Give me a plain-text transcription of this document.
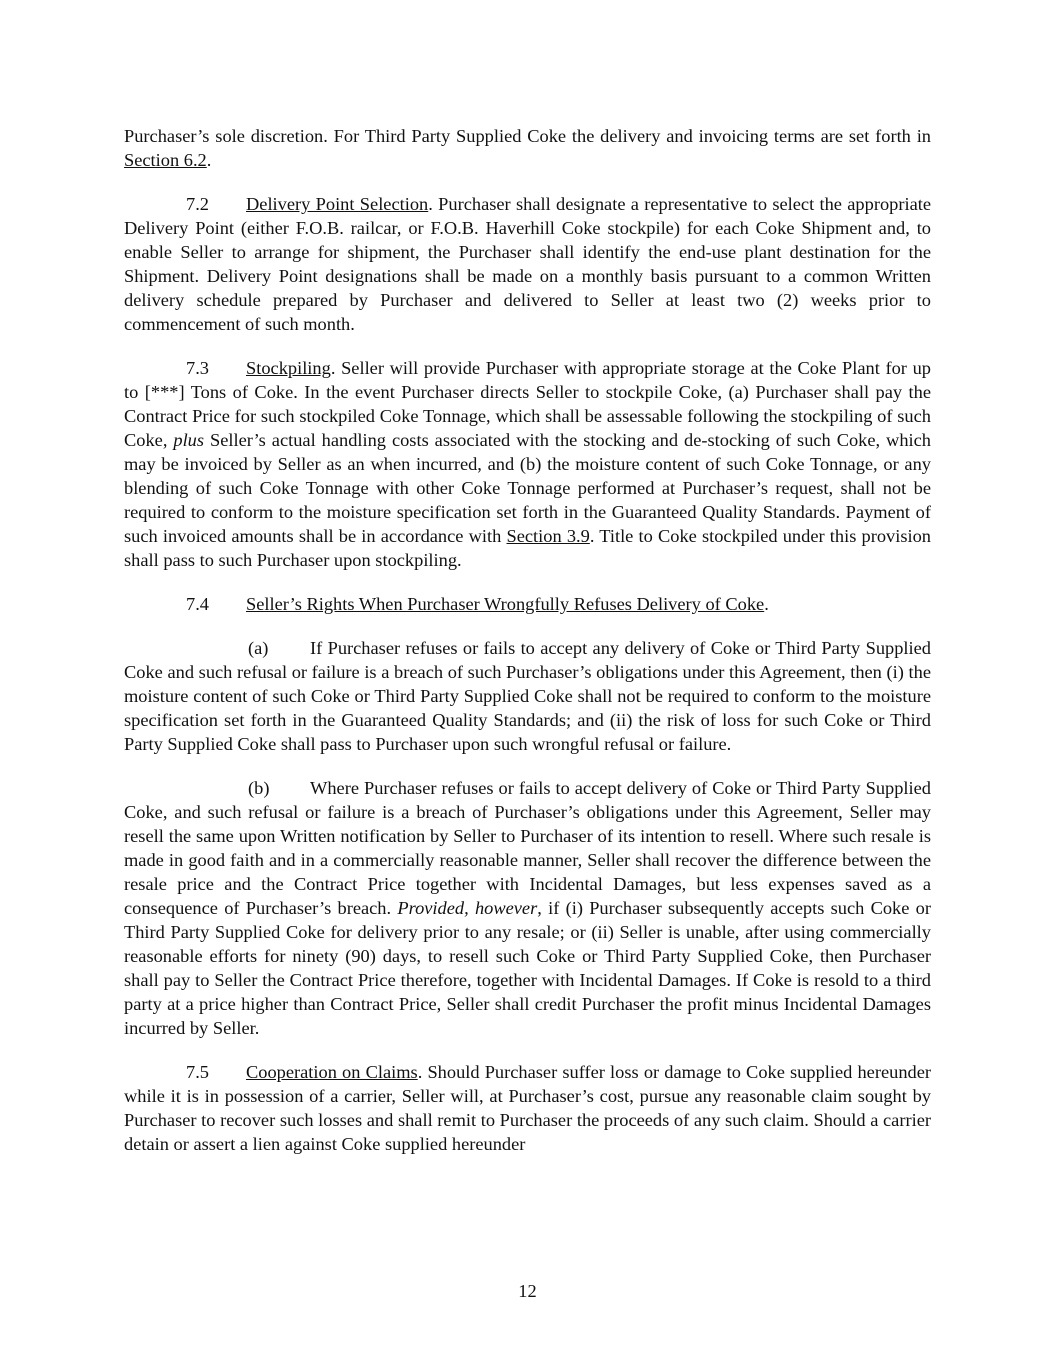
Purchaser’s sole discretion. For Third Party Supplied Coke the delivery and invoicing terms are set forth in Section 6.2.

7.2 Delivery Point Selection. Purchaser shall designate a representative to select the appropriate Delivery Point (either F.O.B. railcar, or F.O.B. Haverhill Coke stockpile) for each Coke Shipment and, to enable Seller to arrange for shipment, the Purchaser shall identify the end-use plant destination for the Shipment. Delivery Point designations shall be made on a monthly basis pursuant to a common Written delivery schedule prepared by Purchaser and delivered to Seller at least two (2) weeks prior to commencement of such month.

7.3 Stockpiling. Seller will provide Purchaser with appropriate storage at the Coke Plant for up to [***] Tons of Coke. In the event Purchaser directs Seller to stockpile Coke, (a) Purchaser shall pay the Contract Price for such stockpiled Coke Tonnage, which shall be assessable following the stockpiling of such Coke, plus Seller’s actual handling costs associated with the stocking and de-stocking of such Coke, which may be invoiced by Seller as an when incurred, and (b) the moisture content of such Coke Tonnage, or any blending of such Coke Tonnage with other Coke Tonnage performed at Purchaser’s request, shall not be required to conform to the moisture specification set forth in the Guaranteed Quality Standards. Payment of such invoiced amounts shall be in accordance with Section 3.9. Title to Coke stockpiled under this provision shall pass to such Purchaser upon stockpiling.

7.4 Seller’s Rights When Purchaser Wrongfully Refuses Delivery of Coke.

(a) If Purchaser refuses or fails to accept any delivery of Coke or Third Party Supplied Coke and such refusal or failure is a breach of such Purchaser’s obligations under this Agreement, then (i) the moisture content of such Coke or Third Party Supplied Coke shall not be required to conform to the moisture specification set forth in the Guaranteed Quality Standards; and (ii) the risk of loss for such Coke or Third Party Supplied Coke shall pass to Purchaser upon such wrongful refusal or failure.

(b) Where Purchaser refuses or fails to accept delivery of Coke or Third Party Supplied Coke, and such refusal or failure is a breach of Purchaser’s obligations under this Agreement, Seller may resell the same upon Written notification by Seller to Purchaser of its intention to resell. Where such resale is made in good faith and in a commercially reasonable manner, Seller shall recover the difference between the resale price and the Contract Price together with Incidental Damages, but less expenses saved as a consequence of Purchaser’s breach. Provided, however, if (i) Purchaser subsequently accepts such Coke or Third Party Supplied Coke for delivery prior to any resale; or (ii) Seller is unable, after using commercially reasonable efforts for ninety (90) days, to resell such Coke or Third Party Supplied Coke, then Purchaser shall pay to Seller the Contract Price therefore, together with Incidental Damages. If Coke is resold to a third party at a price higher than Contract Price, Seller shall credit Purchaser the profit minus Incidental Damages incurred by Seller.

7.5 Cooperation on Claims. Should Purchaser suffer loss or damage to Coke supplied hereunder while it is in possession of a carrier, Seller will, at Purchaser’s cost, pursue any reasonable claim sought by Purchaser to recover such losses and shall remit to Purchaser the proceeds of any such claim. Should a carrier detain or assert a lien against Coke supplied hereunder

12
